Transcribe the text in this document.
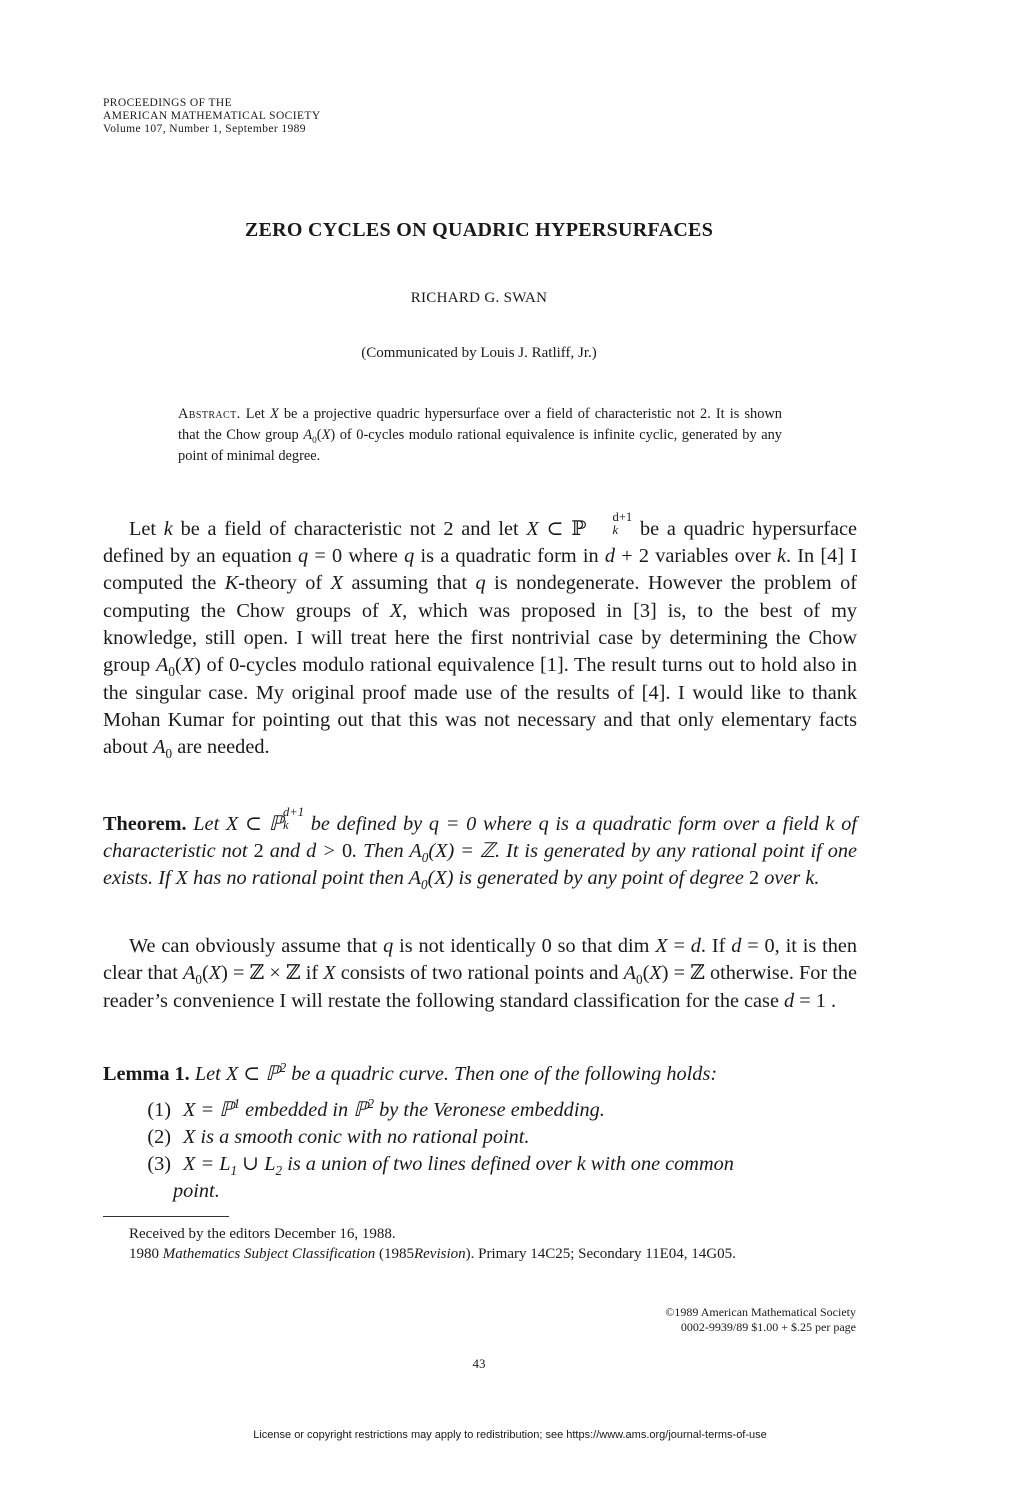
PROCEEDINGS OF THE
AMERICAN MATHEMATICAL SOCIETY
Volume 107, Number 1, September 1989
ZERO CYCLES ON QUADRIC HYPERSURFACES
RICHARD G. SWAN
(Communicated by Louis J. Ratliff, Jr.)
Abstract. Let X be a projective quadric hypersurface over a field of characteristic not 2. It is shown that the Chow group $A_0(X)$ of 0-cycles modulo rational equivalence is infinite cyclic, generated by any point of minimal degree.
Let k be a field of characteristic not 2 and let X ⊂ ℙ
d+1
k	be a quadric hypersurface defined by an equation q = 0 where q is a quadratic form in d + 2 variables over k. In [4] I computed the K-theory of X assuming that q is nondegenerate. However the problem of computing the Chow groups of X, which was proposed in [3] is, to the best of my knowledge, still open. I will treat here the first nontrivial case by determining the Chow group $A_0(X)$ of 0-cycles modulo rational equivalence [1]. The result turns out to hold also in the singular case. My original proof made use of the results of [4]. I would like to thank Mohan Kumar for pointing out that this was not necessary and that only elementary facts about $A_0$ are needed.
Theorem. Let X ⊂ ℙ
d+1
k	be defined by q = 0 where q is a quadratic form over a field k of characteristic not 2 and d > 0. Then $A_0(X)$ = ℤ. It is generated by any rational point if one exists. If X has no rational point then $A_0(X)$ is generated by any point of degree 2 over k.
We can obviously assume that q is not identically 0 so that dim X = d. If d = 0, it is then clear that $A_0(X)$ = ℤ × ℤ if X consists of two rational points and $A_0(X)$ = ℤ otherwise. For the reader’s convenience I will restate the following standard classification for the case d = 1 .
Lemma 1. Let X ⊂ ℙ$^2$ be a quadric curve. Then one of the following holds:
(1) X = ℙ$^1$ embedded in ℙ$^2$ by the Veronese embedding.
(2) X is a smooth conic with no rational point.
(3) $X = L_1$ ∪ $L_2$ is a union of two lines defined over k with one common
point.
Received by the editors December 16, 1988.
1980 Mathematics Subject Classification (1985Revision). Primary 14C25; Secondary 11E04, 14G05.
©1989 American Mathematical Society
0002-9939/89 $1.00 + $.25 per page
43
License or copyright restrictions may apply to redistribution; see https://www.ams.org/journal-terms-of-use
